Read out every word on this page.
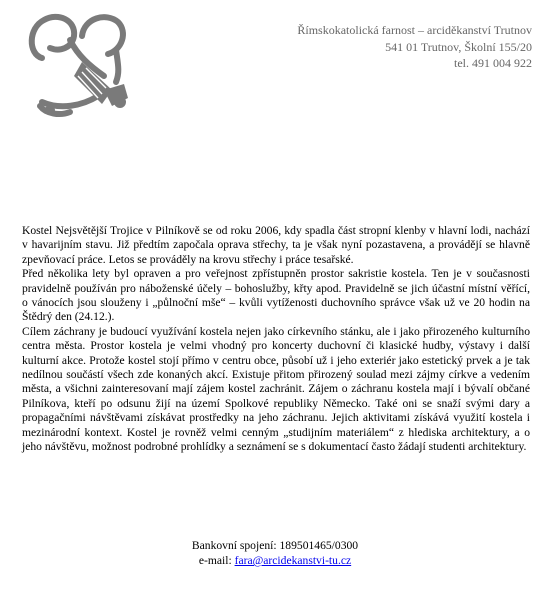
Římskokatolická farnost – arciděkanství Trutnov
541 01 Trutnov, Školní 155/20
tel. 491 004 922

Kostel Nejsvětější Trojice v Pilníkově se od roku 2006, kdy spadla část stropní klenby v hlavní lodi, nachází v havarijním stavu. Již předtím započala oprava střechy, ta je však nyní pozastavena, a provádějí se hlavně zpevňovací práce. Letos se prováděly na krovu střechy i práce tesařské.

Před několika lety byl opraven a pro veřejnost zpřístupněn prostor sakristie kostela. Ten je v současnosti pravidelně používán pro náboženské účely – bohoslužby, křty apod. Pravidelně se jich účastní místní věřící, o vánocích jsou slouženy i „půlnoční mše“ – kvůli vytíženosti duchovního správce však už ve 20 hodin na Štědrý den (24.12.).

Cílem záchrany je budoucí využívání kostela nejen jako církevního stánku, ale i jako přirozeného kulturního centra města. Prostor kostela je velmi vhodný pro koncerty duchovní či klasické hudby, výstavy i další kulturní akce. Protože kostel stojí přímo v centru obce, působí už i jeho exteriér jako estetický prvek a je tak nedílnou součástí všech zde konaných akcí. Existuje přitom přirozený soulad mezi zájmy církve a vedením města, a všichni zainteresovaní mají zájem kostel zachránit. Zájem o záchranu kostela mají i bývalí občané Pilníkova, kteří po odsunu žijí na území Spolkové republiky Německo. Také oni se snaží svými dary a propagačními návštěvami získávat prostředky na jeho záchranu. Jejich aktivitami získává využití kostela i mezinárodní kontext. Kostel je rovněž velmi cenným „studijním materiálem“ z hlediska architektury, a o jeho návštěvu, možnost podrobné prohlídky a seznámení se s dokumentací často žádají studenti architektury.

Bankovní spojení: 189501465/0300
e-mail: fara@arcidekanstvi-tu.cz
